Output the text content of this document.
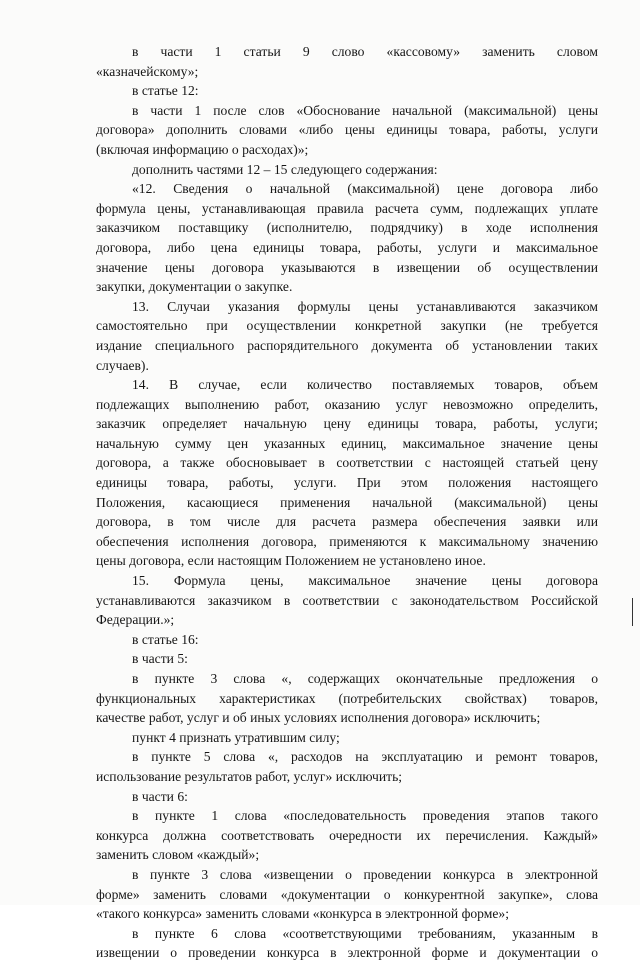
в части 1 статьи 9 слово «кассовому» заменить словом
«казначейскому»;
в статье 12:
в части 1 после слов «Обоснование начальной (максимальной) цены
договора» дополнить словами «либо цены единицы товара, работы, услуги
(включая информацию о расходах)»;
дополнить частями 12 – 15 следующего содержания:
«12. Сведения о начальной (максимальной) цене договора либо
формула цены, устанавливающая правила расчета сумм, подлежащих уплате
заказчиком поставщику (исполнителю, подрядчику) в ходе исполнения
договора, либо цена единицы товара, работы, услуги и максимальное
значение цены договора указываются в извещении об осуществлении
закупки, документации о закупке.
13. Случаи указания формулы цены устанавливаются заказчиком
самостоятельно при осуществлении конкретной закупки (не требуется
издание специального распорядительного документа об установлении таких
случаев).
14. В случае, если количество поставляемых товаров, объем
подлежащих выполнению работ, оказанию услуг невозможно определить,
заказчик определяет начальную цену единицы товара, работы, услуги;
начальную сумму цен указанных единиц, максимальное значение цены
договора, а также обосновывает в соответствии с настоящей статьей цену
единицы товара, работы, услуги. При этом положения настоящего
Положения, касающиеся применения начальной (максимальной) цены
договора, в том числе для расчета размера обеспечения заявки или
обеспечения исполнения договора, применяются к максимальному значению
цены договора, если настоящим Положением не установлено иное.
15. Формула цены, максимальное значение цены договора
устанавливаются заказчиком в соответствии с законодательством Российской
Федерации.»;
в статье 16:
в части 5:
в пункте 3 слова «, содержащих окончательные предложения о
функциональных характеристиках (потребительских свойствах) товаров,
качестве работ, услуг и об иных условиях исполнения договора» исключить;
пункт 4 признать утратившим силу;
в пункте 5 слова «, расходов на эксплуатацию и ремонт товаров,
использование результатов работ, услуг» исключить;
в части 6:
в пункте 1 слова «последовательность проведения этапов такого
конкурса должна соответствовать очередности их перечисления. Каждый»
заменить словом «каждый»;
в пункте 3 слова «извещении о проведении конкурса в электронной
форме» заменить словами «документации о конкурентной закупке», слова
«такого конкурса» заменить словами «конкурса в электронной форме»;
в пункте 6 слова «соответствующими требованиям, указанным в
извещении о проведении конкурса в электронной форме и документации о
